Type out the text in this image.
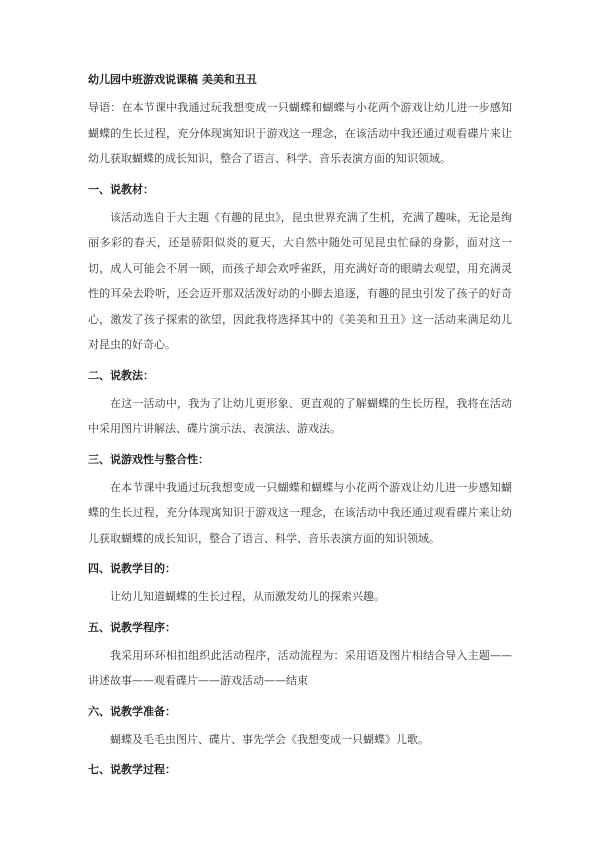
幼儿园中班游戏说课稿 美美和丑丑

导语：在本节课中我通过玩我想变成一只蝴蝶和蝴蝶与小花两个游戏让幼儿进一步感知蝴蝶的生长过程，充分体现寓知识于游戏这一理念，在该活动中我还通过观看碟片来让幼儿获取蝴蝶的成长知识，整合了语言、科学、音乐表演方面的知识领域。

一、说教材：

该活动选自于大主题《有趣的昆虫》，昆虫世界充满了生机，充满了趣味，无论是绚丽多彩的春天，还是骄阳似炎的夏天，大自然中随处可见昆虫忙碌的身影，面对这一切，成人可能会不屑一顾，而孩子却会欢呼雀跃，用充满好奇的眼睛去观望，用充满灵性的耳朵去聆听，还会迈开那双活泼好动的小脚去追逐，有趣的昆虫引发了孩子的好奇心，激发了孩子探索的欲望，因此我将选择其中的《美美和丑丑》这一活动来满足幼儿对昆虫的好奇心。

二、说教法：

在这一活动中，我为了让幼儿更形象、更直观的了解蝴蝶的生长历程，我将在活动中采用图片讲解法、碟片演示法、表演法、游戏法。

三、说游戏性与整合性：

在本节课中我通过玩我想变成一只蝴蝶和蝴蝶与小花两个游戏让幼儿进一步感知蝴蝶的生长过程，充分体现寓知识于游戏这一理念，在该活动中我还通过观看碟片来让幼儿获取蝴蝶的成长知识，整合了语言、科学、音乐表演方面的知识领域。

四、说教学目的：

让幼儿知道蝴蝶的生长过程，从而激发幼儿的探索兴趣。

五、说教学程序：

我采用环环相扣组织此活动程序，活动流程为：采用语及图片相结合导入主题——讲述故事——观看碟片——游戏活动——结束

六、说教学准备：

蝴蝶及毛毛虫图片、碟片、事先学会《我想变成一只蝴蝶》儿歌。

七、说教学过程：
